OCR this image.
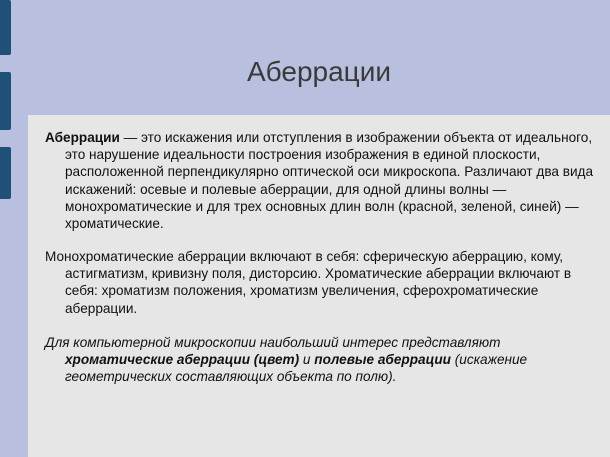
Аберрации

Аберрации — это искажения или отступления в изображении объекта от идеального, это нарушение идеальности построения изображения в единой плоскости, расположенной перпендикулярно оптической оси микроскопа. Различают два вида искажений: осевые и полевые аберрации, для одной длины волны — монохроматические и для трех основных длин волн (красной, зеленой, синей) — хроматические.

Монохроматические аберрации включают в себя: сферическую аберрацию, кому, астигматизм, кривизну поля, дисторсию. Хроматические аберрации включают в себя: хроматизм положения, хроматизм увеличения, сферохроматические аберрации.

Для компьютерной микроскопии наибольший интерес представляют хроматические аберрации (цвет) и полевые аберрации (искажение геометрических составляющих объекта по полю).
